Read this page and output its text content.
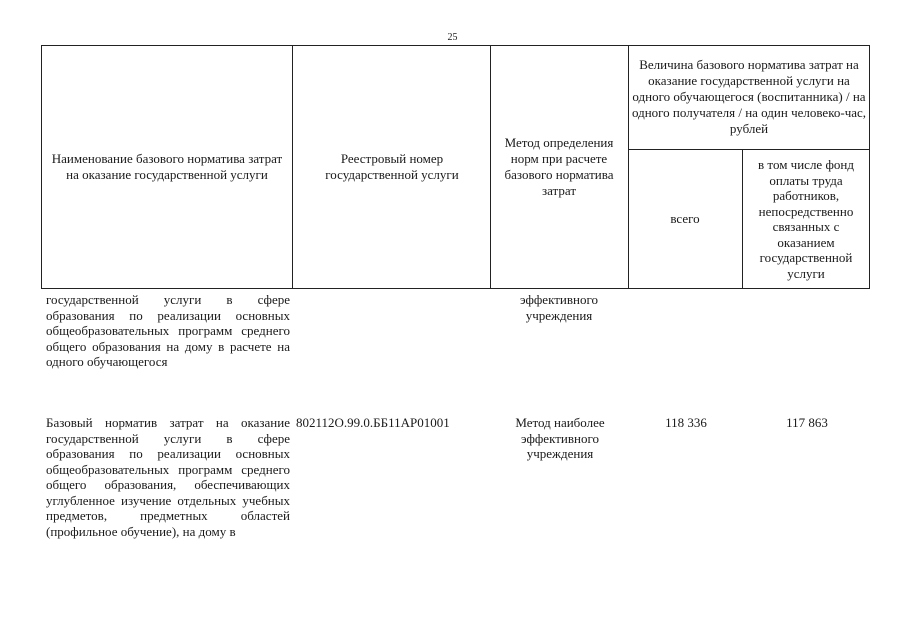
25
Наименование базового норматива затрат на оказание государственной услуги
Реестровый номер государственной услуги
Метод определения норм при расчете базового норматива затрат
Величина базового норматива затрат на оказание государственной услуги на одного обучающегося (воспитанника) / на одного получателя / на один человеко-час, рублей
всего
в том числе фонд оплаты труда работников, непосредственно связанных с оказанием государственной услуги
государственной услуги в сфере образования по реализации основных общеобразовательных программ среднего общего образования на дому в расчете на одного обучающегося
эффективного учреждения
Базовый норматив затрат на оказание государственной услуги в сфере образования по реализации основных общеобразовательных программ среднего общего образования, обеспечивающих углубленное изучение отдельных учебных предметов, предметных областей (профильное обучение), на дому в
802112О.99.0.ББ11АР01001	Метод наиболее эффективного учреждения
118 336	117 863
